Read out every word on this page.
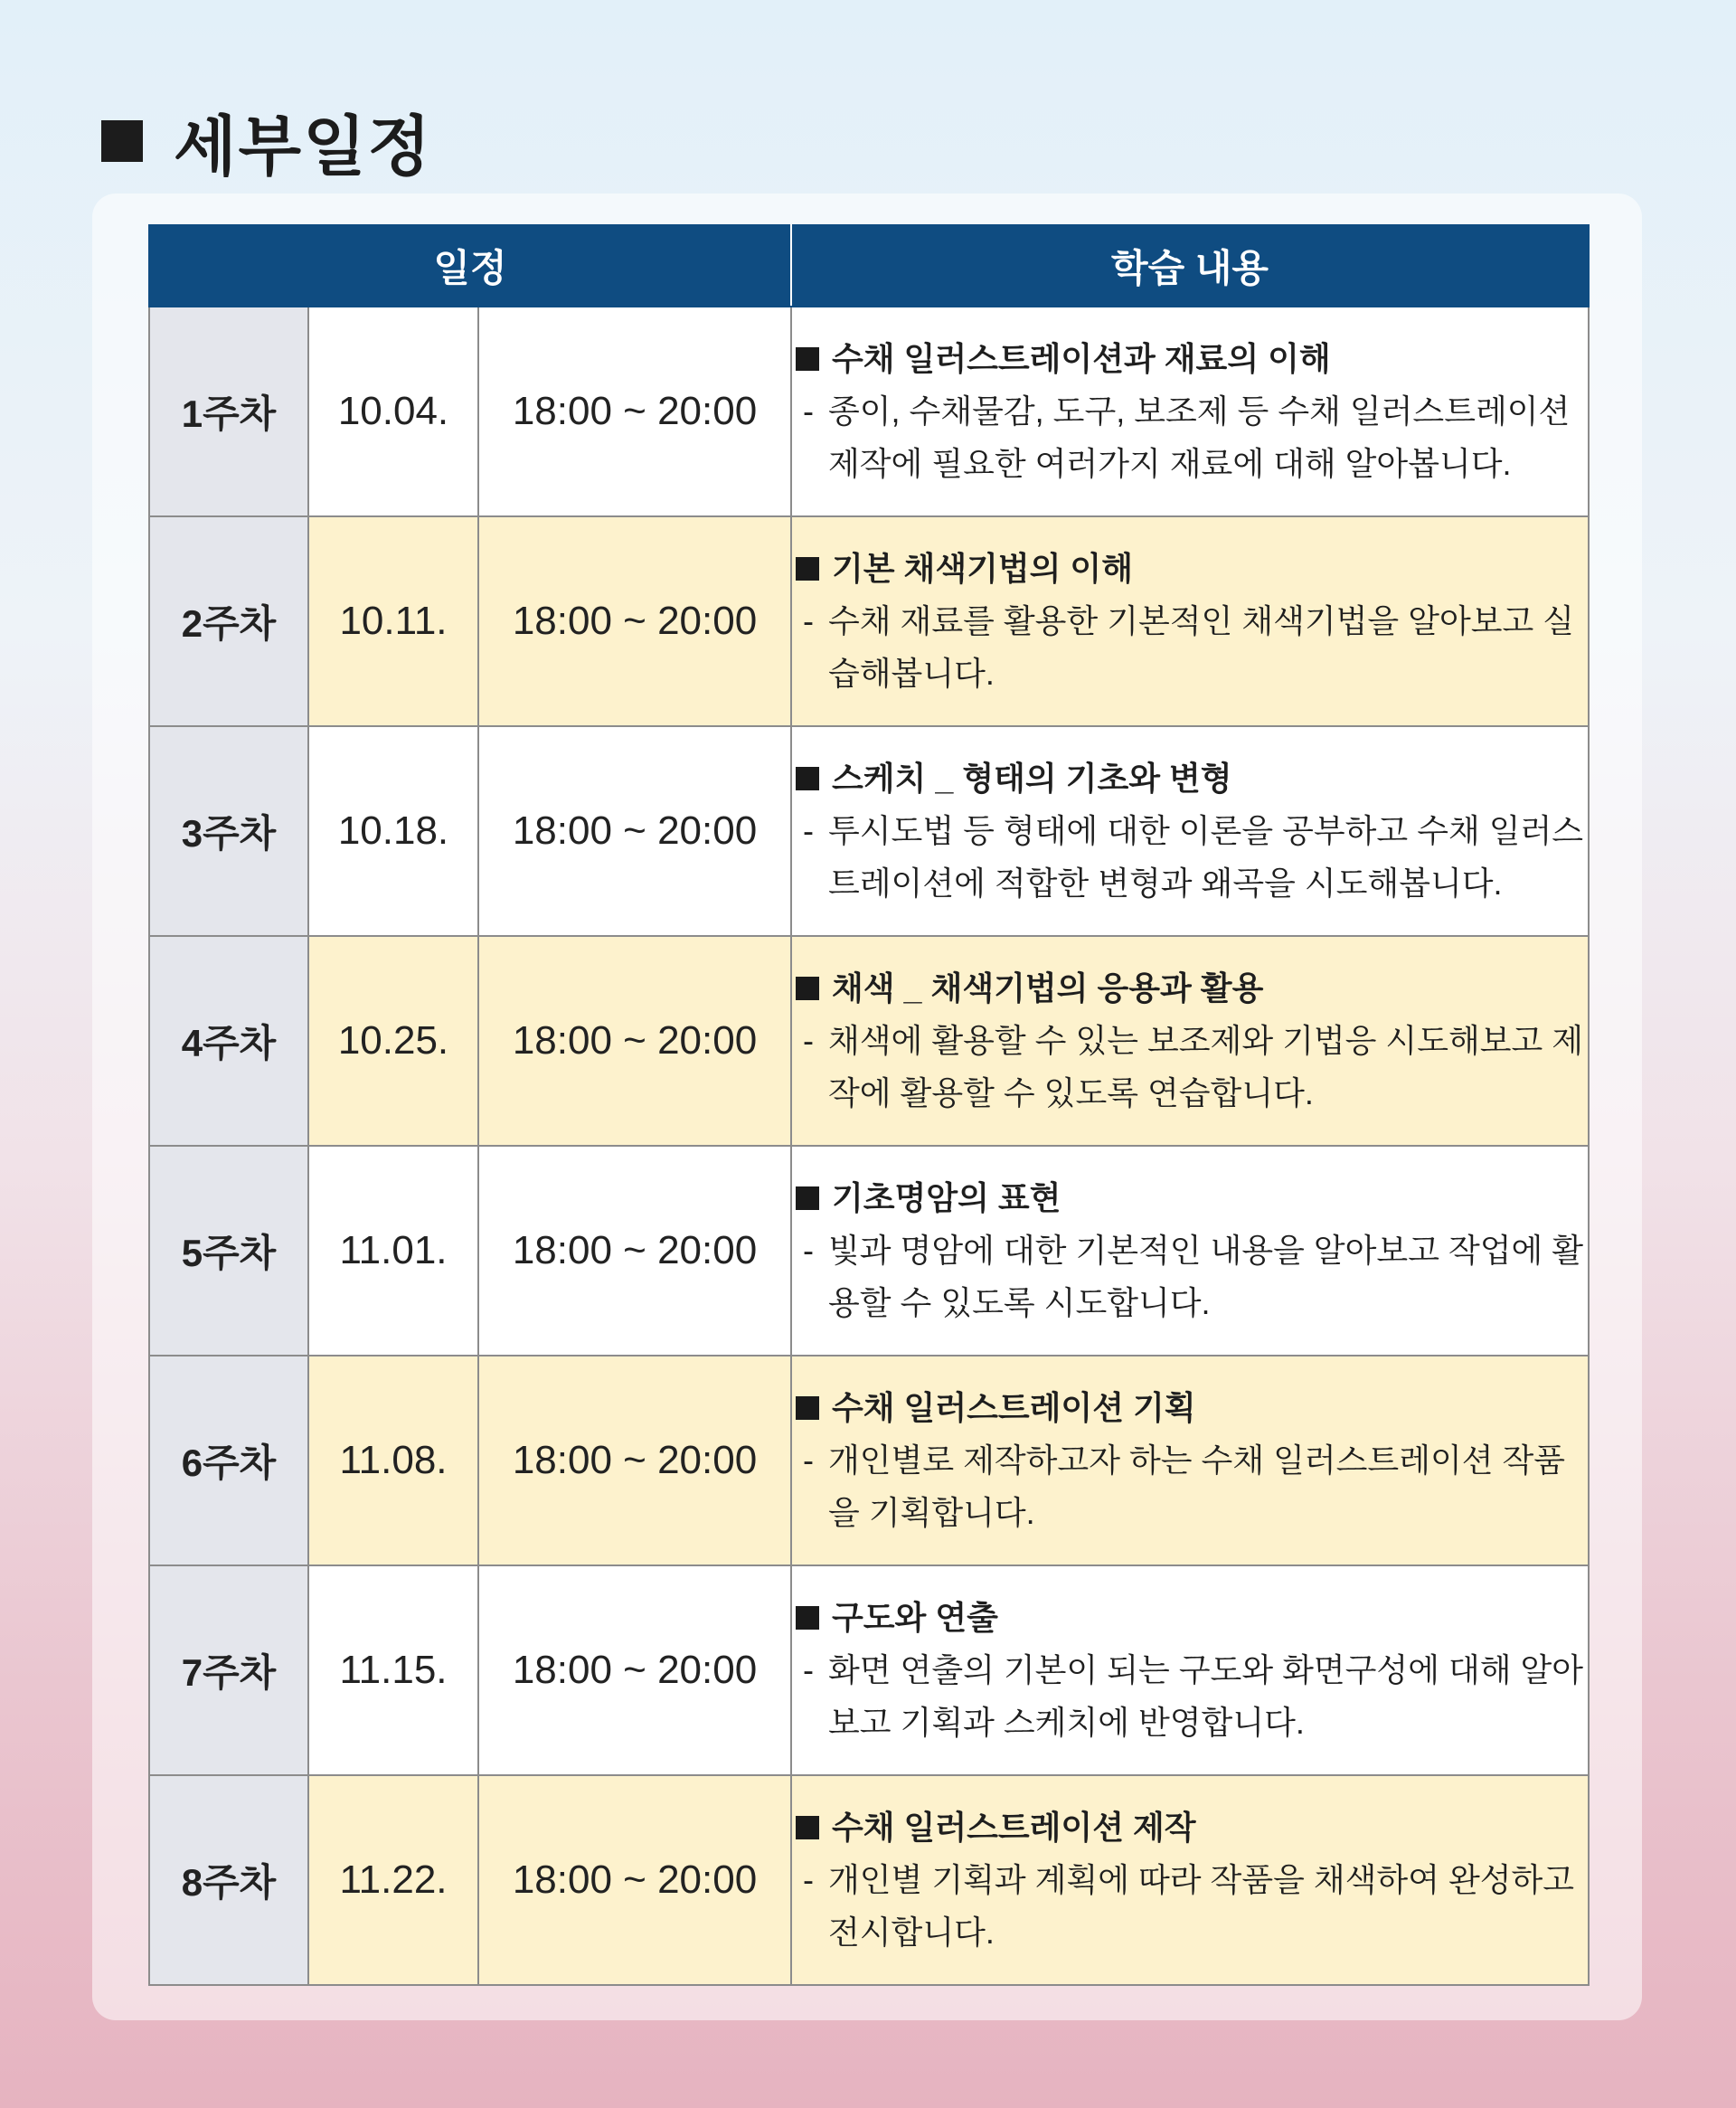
세부일정
일정			학습 내용
1주차	10.04.	18:00 ~ 20:00	수채 일러스트레이션과 재료의 이해
- 종이, 수채물감, 도구, 보조제 등 수채 일러스트레이션 제작에 필요한 여러가지 재료에 대해 알아봅니다.

2주차	10.11.	18:00 ~ 20:00	기본 채색기법의 이해
- 수채 재료를 활용한 기본적인 채색기법을 알아보고 실습해봅니다.

3주차	10.18.	18:00 ~ 20:00	스케치 _ 형태의 기초와 변형
- 투시도법 등 형태에 대한 이론을 공부하고 수채 일러스트레이션에 적합한 변형과 왜곡을 시도해봅니다.

4주차	10.25.	18:00 ~ 20:00	채색 _ 채색기법의 응용과 활용
- 채색에 활용할 수 있는 보조제와 기법응 시도해보고 제작에 활용할 수 있도록 연습합니다.

5주차	11.01.	18:00 ~ 20:00	기초명암의 표현
- 빛과 명암에 대한 기본적인 내용을 알아보고 작업에 활용할 수 있도록 시도합니다.

6주차	11.08.	18:00 ~ 20:00	수채 일러스트레이션 기획
- 개인별로 제작하고자 하는 수채 일러스트레이션 작품을 기획합니다.

7주차	11.15.	18:00 ~ 20:00	구도와 연출
- 화면 연출의 기본이 되는 구도와 화면구성에 대해 알아보고 기획과 스케치에 반영합니다.

8주차	11.22.	18:00 ~ 20:00	수채 일러스트레이션 제작
- 개인별 기획과 계획에 따라 작품을 채색하여 완성하고 전시합니다.
